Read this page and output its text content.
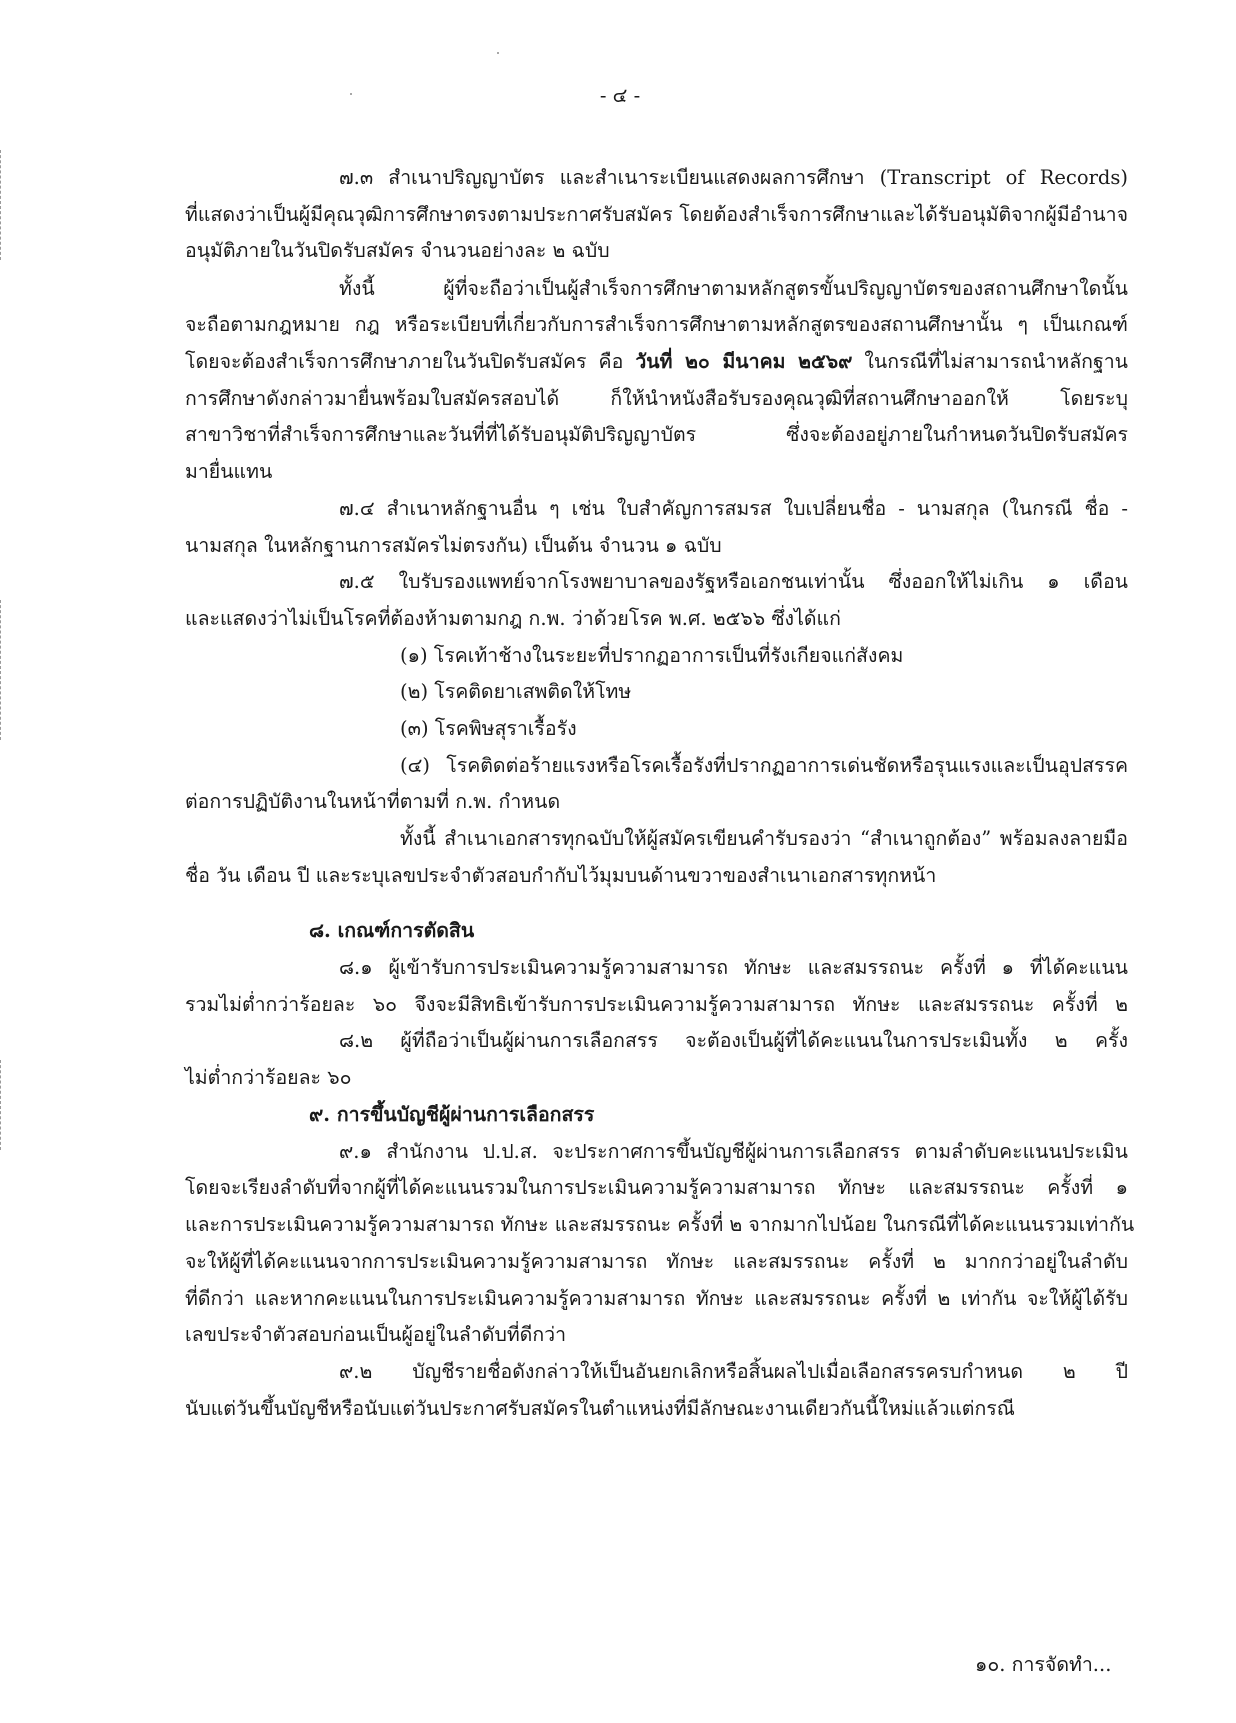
- ๔ -
๗.๓ สำเนาปริญญาบัตร และสำเนาระเบียนแสดงผลการศึกษา (Transcript of Records)
ที่แสดงว่าเป็นผู้มีคุณวุฒิการศึกษาตรงตามประกาศรับสมัคร โดยต้องสำเร็จการศึกษาและได้รับอนุมัติจากผู้มีอำนาจ
อนุมัติภายในวันปิดรับสมัคร จำนวนอย่างละ ๒ ฉบับ
ทั้งนี้ ผู้ที่จะถือว่าเป็นผู้สำเร็จการศึกษาตามหลักสูตรขั้นปริญญาบัตรของสถานศึกษาใดนั้น
จะถือตามกฎหมาย กฎ หรือระเบียบที่เกี่ยวกับการสำเร็จการศึกษาตามหลักสูตรของสถานศึกษานั้น ๆ เป็นเกณฑ์
โดยจะต้องสำเร็จการศึกษาภายในวันปิดรับสมัคร คือ วันที่ ๒๐ มีนาคม ๒๕๖๙ ในกรณีที่ไม่สามารถนำหลักฐาน
การศึกษาดังกล่าวมายื่นพร้อมใบสมัครสอบได้ ก็ให้นำหนังสือรับรองคุณวุฒิที่สถานศึกษาออกให้ โดยระบุ
สาขาวิชาที่สำเร็จการศึกษาและวันที่ที่ได้รับอนุมัติปริญญาบัตร ซึ่งจะต้องอยู่ภายในกำหนดวันปิดรับสมัคร
มายื่นแทน
๗.๔ สำเนาหลักฐานอื่น ๆ เช่น ใบสำคัญการสมรส ใบเปลี่ยนชื่อ - นามสกุล (ในกรณี ชื่อ -
นามสกุล ในหลักฐานการสมัครไม่ตรงกัน) เป็นต้น จำนวน ๑ ฉบับ
๗.๕ ใบรับรองแพทย์จากโรงพยาบาลของรัฐหรือเอกชนเท่านั้น ซึ่งออกให้ไม่เกิน ๑ เดือน
และแสดงว่าไม่เป็นโรคที่ต้องห้ามตามกฎ ก.พ. ว่าด้วยโรค พ.ศ. ๒๕๖๖ ซึ่งได้แก่
(๑) โรคเท้าช้างในระยะที่ปรากฏอาการเป็นที่รังเกียจแก่สังคม
(๒) โรคติดยาเสพติดให้โทษ
(๓) โรคพิษสุราเรื้อรัง
(๔) โรคติดต่อร้ายแรงหรือโรคเรื้อรังที่ปรากฏอาการเด่นชัดหรือรุนแรงและเป็นอุปสรรค
ต่อการปฏิบัติงานในหน้าที่ตามที่ ก.พ. กำหนด
ทั้งนี้ สำเนาเอกสารทุกฉบับให้ผู้สมัครเขียนคำรับรองว่า “สำเนาถูกต้อง” พร้อมลงลายมือ
ชื่อ วัน เดือน ปี และระบุเลขประจำตัวสอบกำกับไว้มุมบนด้านขวาของสำเนาเอกสารทุกหน้า
๘. เกณฑ์การตัดสิน
๘.๑ ผู้เข้ารับการประเมินความรู้ความสามารถ ทักษะ และสมรรถนะ ครั้งที่ ๑ ที่ได้คะแนน
รวมไม่ต่ำกว่าร้อยละ ๖๐ จึงจะมีสิทธิเข้ารับการประเมินความรู้ความสามารถ ทักษะ และสมรรถนะ ครั้งที่ ๒
๘.๒ ผู้ที่ถือว่าเป็นผู้ผ่านการเลือกสรร จะต้องเป็นผู้ที่ได้คะแนนในการประเมินทั้ง ๒ ครั้ง
ไม่ต่ำกว่าร้อยละ ๖๐
๙. การขึ้นบัญชีผู้ผ่านการเลือกสรร
๙.๑ สำนักงาน ป.ป.ส. จะประกาศการขึ้นบัญชีผู้ผ่านการเลือกสรร ตามลำดับคะแนนประเมิน
โดยจะเรียงลำดับที่จากผู้ที่ได้คะแนนรวมในการประเมินความรู้ความสามารถ ทักษะ และสมรรถนะ ครั้งที่ ๑
และการประเมินความรู้ความสามารถ ทักษะ และสมรรถนะ ครั้งที่ ๒ จากมากไปน้อย ในกรณีที่ได้คะแนนรวมเท่ากัน
จะให้ผู้ที่ได้คะแนนจากการประเมินความรู้ความสามารถ ทักษะ และสมรรถนะ ครั้งที่ ๒ มากกว่าอยู่ในลำดับ
ที่ดีกว่า และหากคะแนนในการประเมินความรู้ความสามารถ ทักษะ และสมรรถนะ ครั้งที่ ๒ เท่ากัน จะให้ผู้ได้รับ
เลขประจำตัวสอบก่อนเป็นผู้อยู่ในลำดับที่ดีกว่า
๙.๒ บัญชีรายชื่อดังกล่าวให้เป็นอันยกเลิกหรือสิ้นผลไปเมื่อเลือกสรรครบกำหนด ๒ ปี
นับแต่วันขึ้นบัญชีหรือนับแต่วันประกาศรับสมัครในตำแหน่งที่มีลักษณะงานเดียวกันนี้ใหม่แล้วแต่กรณี
๑๐. การจัดทำ...
